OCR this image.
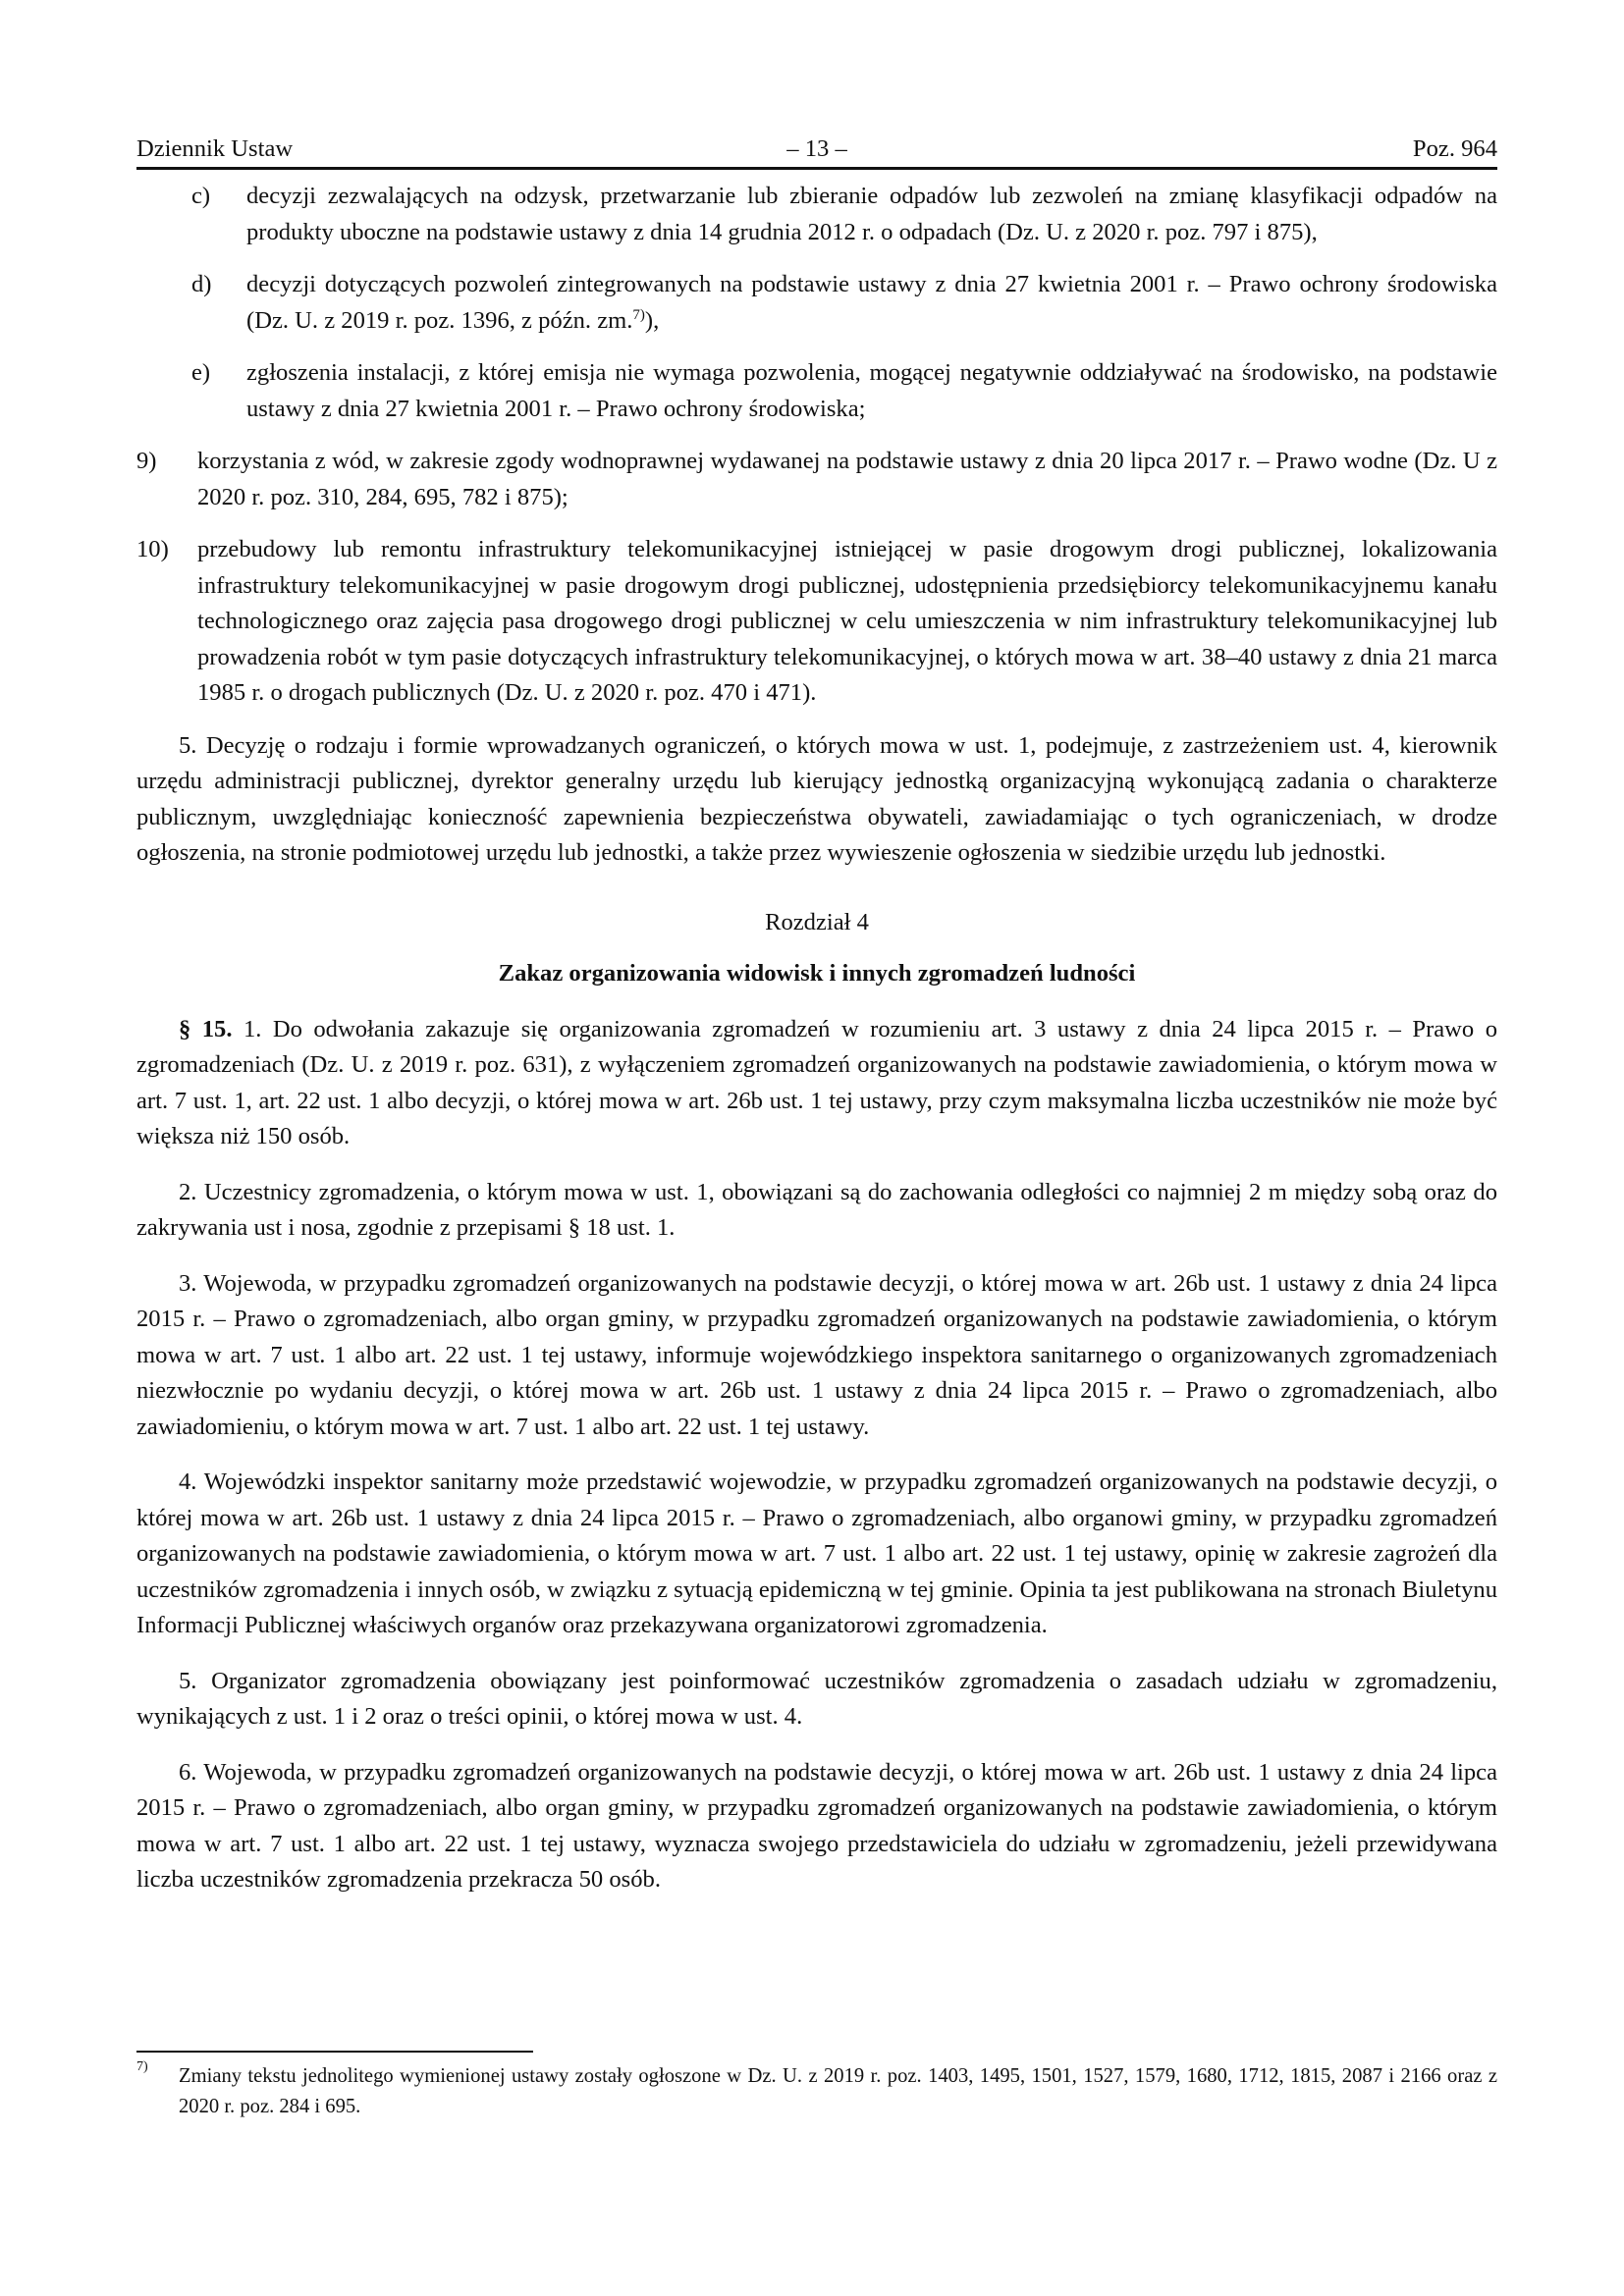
Dziennik Ustaw	– 13 –	Poz. 964
c) decyzji zezwalających na odzysk, przetwarzanie lub zbieranie odpadów lub zezwoleń na zmianę klasyfikacji odpadów na produkty uboczne na podstawie ustawy z dnia 14 grudnia 2012 r. o odpadach (Dz. U. z 2020 r. poz. 797 i 875),
d) decyzji dotyczących pozwoleń zintegrowanych na podstawie ustawy z dnia 27 kwietnia 2001 r. – Prawo ochrony środowiska (Dz. U. z 2019 r. poz. 1396, z późn. zm.$^{7)}$),
e) zgłoszenia instalacji, z której emisja nie wymaga pozwolenia, mogącej negatywnie oddziaływać na środowisko, na podstawie ustawy z dnia 27 kwietnia 2001 r. – Prawo ochrony środowiska;
9) korzystania z wód, w zakresie zgody wodnoprawnej wydawanej na podstawie ustawy z dnia 20 lipca 2017 r. – Prawo wodne (Dz. U z 2020 r. poz. 310, 284, 695, 782 i 875);
10) przebudowy lub remontu infrastruktury telekomunikacyjnej istniejącej w pasie drogowym drogi publicznej, lokalizowania infrastruktury telekomunikacyjnej w pasie drogowym drogi publicznej, udostępnienia przedsiębiorcy telekomunikacyjnemu kanału technologicznego oraz zajęcia pasa drogowego drogi publicznej w celu umieszczenia w nim infrastruktury telekomunikacyjnej lub prowadzenia robót w tym pasie dotyczących infrastruktury telekomunikacyjnej, o których mowa w art. 38–40 ustawy z dnia 21 marca 1985 r. o drogach publicznych (Dz. U. z 2020 r. poz. 470 i 471).

5. Decyzję o rodzaju i formie wprowadzanych ograniczeń, o których mowa w ust. 1, podejmuje, z zastrzeżeniem ust. 4, kierownik urzędu administracji publicznej, dyrektor generalny urzędu lub kierujący jednostką organizacyjną wykonującą zadania o charakterze publicznym, uwzględniając konieczność zapewnienia bezpieczeństwa obywateli, zawiadamiając o tych ograniczeniach, w drodze ogłoszenia, na stronie podmiotowej urzędu lub jednostki, a także przez wywieszenie ogłoszenia w siedzibie urzędu lub jednostki.

Rozdział 4
Zakaz organizowania widowisk i innych zgromadzeń ludności

§ 15. 1. Do odwołania zakazuje się organizowania zgromadzeń w rozumieniu art. 3 ustawy z dnia 24 lipca 2015 r. – Prawo o zgromadzeniach (Dz. U. z 2019 r. poz. 631), z wyłączeniem zgromadzeń organizowanych na podstawie zawiadomienia, o którym mowa w art. 7 ust. 1, art. 22 ust. 1 albo decyzji, o której mowa w art. 26b ust. 1 tej ustawy, przy czym maksymalna liczba uczestników nie może być większa niż 150 osób.

2. Uczestnicy zgromadzenia, o którym mowa w ust. 1, obowiązani są do zachowania odległości co najmniej 2 m między sobą oraz do zakrywania ust i nosa, zgodnie z przepisami § 18 ust. 1.

3. Wojewoda, w przypadku zgromadzeń organizowanych na podstawie decyzji, o której mowa w art. 26b ust. 1 ustawy z dnia 24 lipca 2015 r. – Prawo o zgromadzeniach, albo organ gminy, w przypadku zgromadzeń organizowanych na podstawie zawiadomienia, o którym mowa w art. 7 ust. 1 albo art. 22 ust. 1 tej ustawy, informuje wojewódzkiego inspektora sanitarnego o organizowanych zgromadzeniach niezwłocznie po wydaniu decyzji, o której mowa w art. 26b ust. 1 ustawy z dnia 24 lipca 2015 r. – Prawo o zgromadzeniach, albo zawiadomieniu, o którym mowa w art. 7 ust. 1 albo art. 22 ust. 1 tej ustawy.

4. Wojewódzki inspektor sanitarny może przedstawić wojewodzie, w przypadku zgromadzeń organizowanych na podstawie decyzji, o której mowa w art. 26b ust. 1 ustawy z dnia 24 lipca 2015 r. – Prawo o zgromadzeniach, albo organowi gminy, w przypadku zgromadzeń organizowanych na podstawie zawiadomienia, o którym mowa w art. 7 ust. 1 albo art. 22 ust. 1 tej ustawy, opinię w zakresie zagrożeń dla uczestników zgromadzenia i innych osób, w związku z sytuacją epidemiczną w tej gminie. Opinia ta jest publikowana na stronach Biuletynu Informacji Publicznej właściwych organów oraz przekazywana organizatorowi zgromadzenia.

5. Organizator zgromadzenia obowiązany jest poinformować uczestników zgromadzenia o zasadach udziału w zgromadzeniu, wynikających z ust. 1 i 2 oraz o treści opinii, o której mowa w ust. 4.

6. Wojewoda, w przypadku zgromadzeń organizowanych na podstawie decyzji, o której mowa w art. 26b ust. 1 ustawy z dnia 24 lipca 2015 r. – Prawo o zgromadzeniach, albo organ gminy, w przypadku zgromadzeń organizowanych na podstawie zawiadomienia, o którym mowa w art. 7 ust. 1 albo art. 22 ust. 1 tej ustawy, wyznacza swojego przedstawiciela do udziału w zgromadzeniu, jeżeli przewidywana liczba uczestników zgromadzenia przekracza 50 osób.

7) Zmiany tekstu jednolitego wymienionej ustawy zostały ogłoszone w Dz. U. z 2019 r. poz. 1403, 1495, 1501, 1527, 1579, 1680, 1712, 1815, 2087 i 2166 oraz z 2020 r. poz. 284 i 695.
